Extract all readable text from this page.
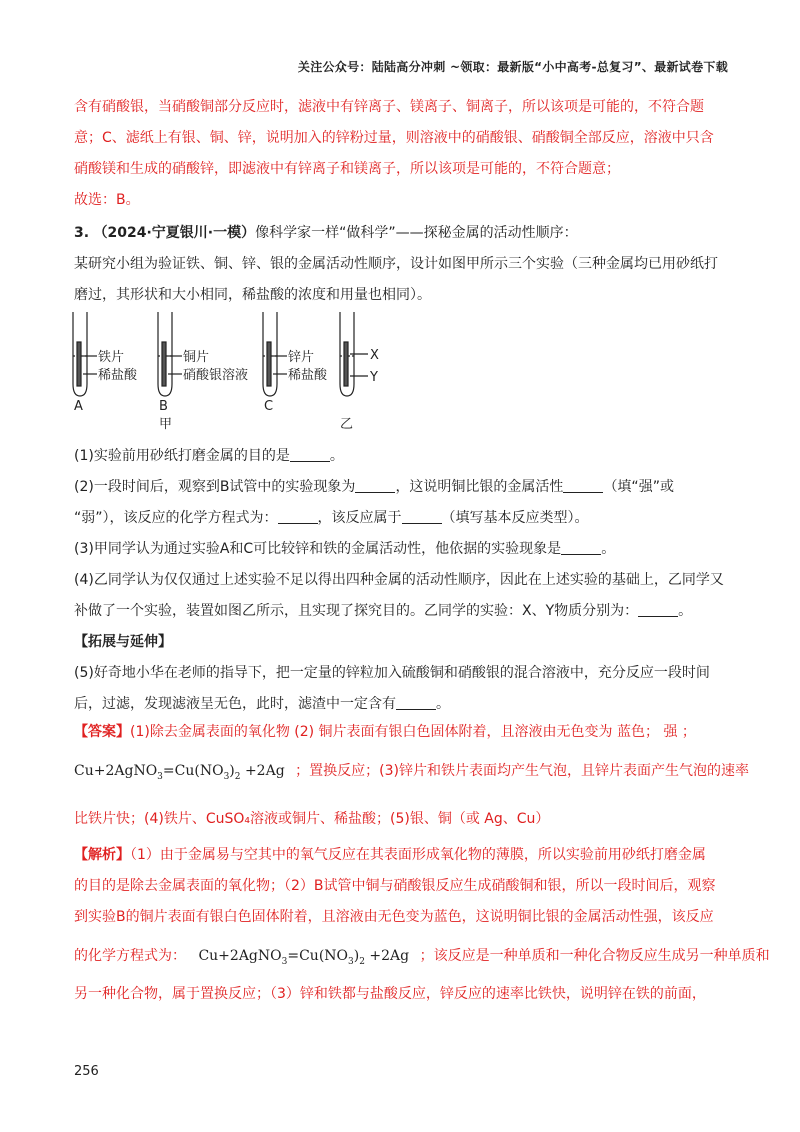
关注公众号：陆陆高分冲刺 ~领取：最新版“小中高考-总复习”、最新试卷下载
含有硝酸银，当硝酸铜部分反应时，滤液中有锌离子、镁离子、铜离子，所以该项是可能的，不符合题
意；C、滤纸上有银、铜、锌，说明加入的锌粉过量，则溶液中的硝酸银、硝酸铜全部反应，溶液中只含
硝酸镁和生成的硝酸锌，即滤液中有锌离子和镁离子，所以该项是可能的，不符合题意；
故选：B。
3. （2024·宁夏银川·一模）像科学家一样“做科学”——探秘金属的活动性顺序：
某研究小组为验证铁、铜、锌、银的金属活动性顺序，设计如图甲所示三个实验（三种金属均已用砂纸打
磨过，其形状和大小相同，稀盐酸的浓度和用量也相同）。
铁片
稀盐酸
A
铜片
硝酸银溶液
B
甲
锌片
稀盐酸
C
X
Y
乙
(1)实验前用砂纸打磨金属的目的是	。
(2)一段时间后，观察到B试管中的实验现象为	，这说明铜比银的金属活性	（填“强”或
“弱”），该反应的化学方程式为：	，该反应属于	（填写基本反应类型）。
(3)甲同学认为通过实验A和C可比较锌和铁的金属活动性，他依据的实验现象是	。
(4)乙同学认为仅仅通过上述实验不足以得出四种金属的活动性顺序，因此在上述实验的基础上，乙同学又
补做了一个实验，装置如图乙所示，且实现了探究目的。乙同学的实验：X、Y物质分别为：	。
【拓展与延伸】
(5)好奇地小华在老师的指导下，把一定量的锌粒加入硫酸铜和硝酸银的混合溶液中，充分反应一段时间
后，过滤，发现滤液呈无色，此时，滤渣中一定含有	。
【答案】(1)除去金属表面的氧化物 (2) 铜片表面有银白色固体附着，且溶液由无色变为 蓝色； 强 ；
$Cu+2AgNO_3=Cu(NO_3)_2 +2Ag$ ；置换反应；(3)锌片和铁片表面均产生气泡，且锌片表面产生气泡的速率
比铁片快；(4)铁片、CuSO₄溶液或铜片、稀盐酸；(5)银、铜（或 Ag、Cu）
【解析】（1）由于金属易与空其中的氧气反应在其表面形成氧化物的薄膜，所以实验前用砂纸打磨金属
的目的是除去金属表面的氧化物；（2）B试管中铜与硝酸银反应生成硝酸铜和银，所以一段时间后，观察
到实验B的铜片表面有银白色固体附着，且溶液由无色变为蓝色，这说明铜比银的金属活动性强，该反应
的化学方程式为： $Cu+2AgNO_3=Cu(NO_3)_2 +2Ag$ ；该反应是一种单质和一种化合物反应生成另一种单质和
另一种化合物，属于置换反应；（3）锌和铁都与盐酸反应，锌反应的速率比铁快，说明锌在铁的前面，
256
